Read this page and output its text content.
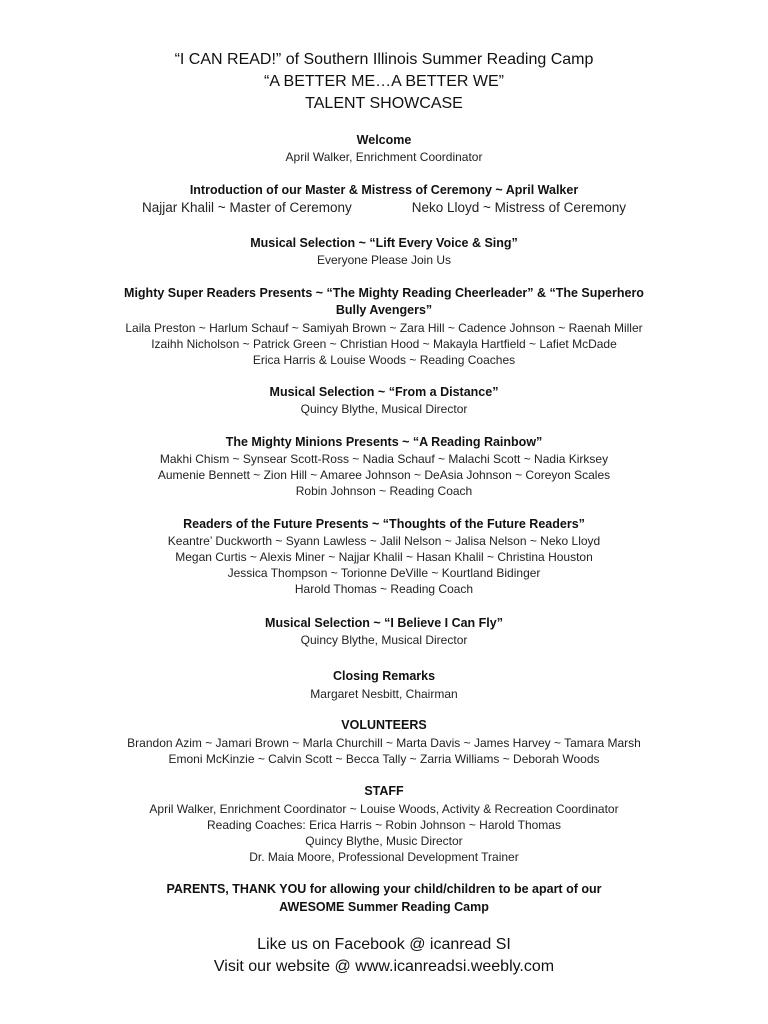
“I CAN READ!” of Southern Illinois Summer Reading Camp
“A BETTER ME…A BETTER WE”
TALENT SHOWCASE
Welcome
April Walker, Enrichment Coordinator
Introduction of our Master & Mistress of Ceremony ~ April Walker
Najjar Khalil ~ Master of Ceremony	Neko Lloyd ~ Mistress of Ceremony
Musical Selection ~ “Lift Every Voice & Sing”
Everyone Please Join Us
Mighty Super Readers Presents ~ “The Mighty Reading Cheerleader” & “The Superhero
Bully Avengers”
Laila Preston ~ Harlum Schauf ~ Samiyah Brown ~ Zara Hill ~ Cadence Johnson ~ Raenah Miller
Izaihh Nicholson ~ Patrick Green ~ Christian Hood ~ Makayla Hartfield ~ Lafiet McDade
Erica Harris & Louise Woods ~ Reading Coaches
Musical Selection ~ “From a Distance”
Quincy Blythe, Musical Director
The Mighty Minions Presents ~ “A Reading Rainbow”
Makhi Chism ~ Synsear Scott-Ross ~ Nadia Schauf ~ Malachi Scott ~ Nadia Kirksey
Aumenie Bennett ~ Zion Hill ~ Amaree Johnson ~ DeAsia Johnson ~ Coreyon Scales
Robin Johnson ~ Reading Coach
Readers of the Future Presents ~ “Thoughts of the Future Readers”
Keantre’ Duckworth ~ Syann Lawless ~ Jalil Nelson ~ Jalisa Nelson ~ Neko Lloyd
Megan Curtis ~ Alexis Miner ~ Najjar Khalil ~ Hasan Khalil ~ Christina Houston
Jessica Thompson ~ Torionne DeVille ~ Kourtland Bidinger
Harold Thomas ~ Reading Coach
Musical Selection ~ “I Believe I Can Fly”
Quincy Blythe, Musical Director
Closing Remarks
Margaret Nesbitt, Chairman
VOLUNTEERS
Brandon Azim ~ Jamari Brown ~ Marla Churchill ~ Marta Davis ~ James Harvey ~ Tamara Marsh
Emoni McKinzie ~ Calvin Scott ~ Becca Tally ~ Zarria Williams ~ Deborah Woods
STAFF
April Walker, Enrichment Coordinator ~ Louise Woods, Activity & Recreation Coordinator
Reading Coaches: Erica Harris ~ Robin Johnson ~ Harold Thomas
Quincy Blythe, Music Director
Dr. Maia Moore, Professional Development Trainer
PARENTS, THANK YOU for allowing your child/children to be apart of our
AWESOME Summer Reading Camp
Like us on Facebook @ icanread SI
Visit our website @ www.icanreadsi.weebly.com
